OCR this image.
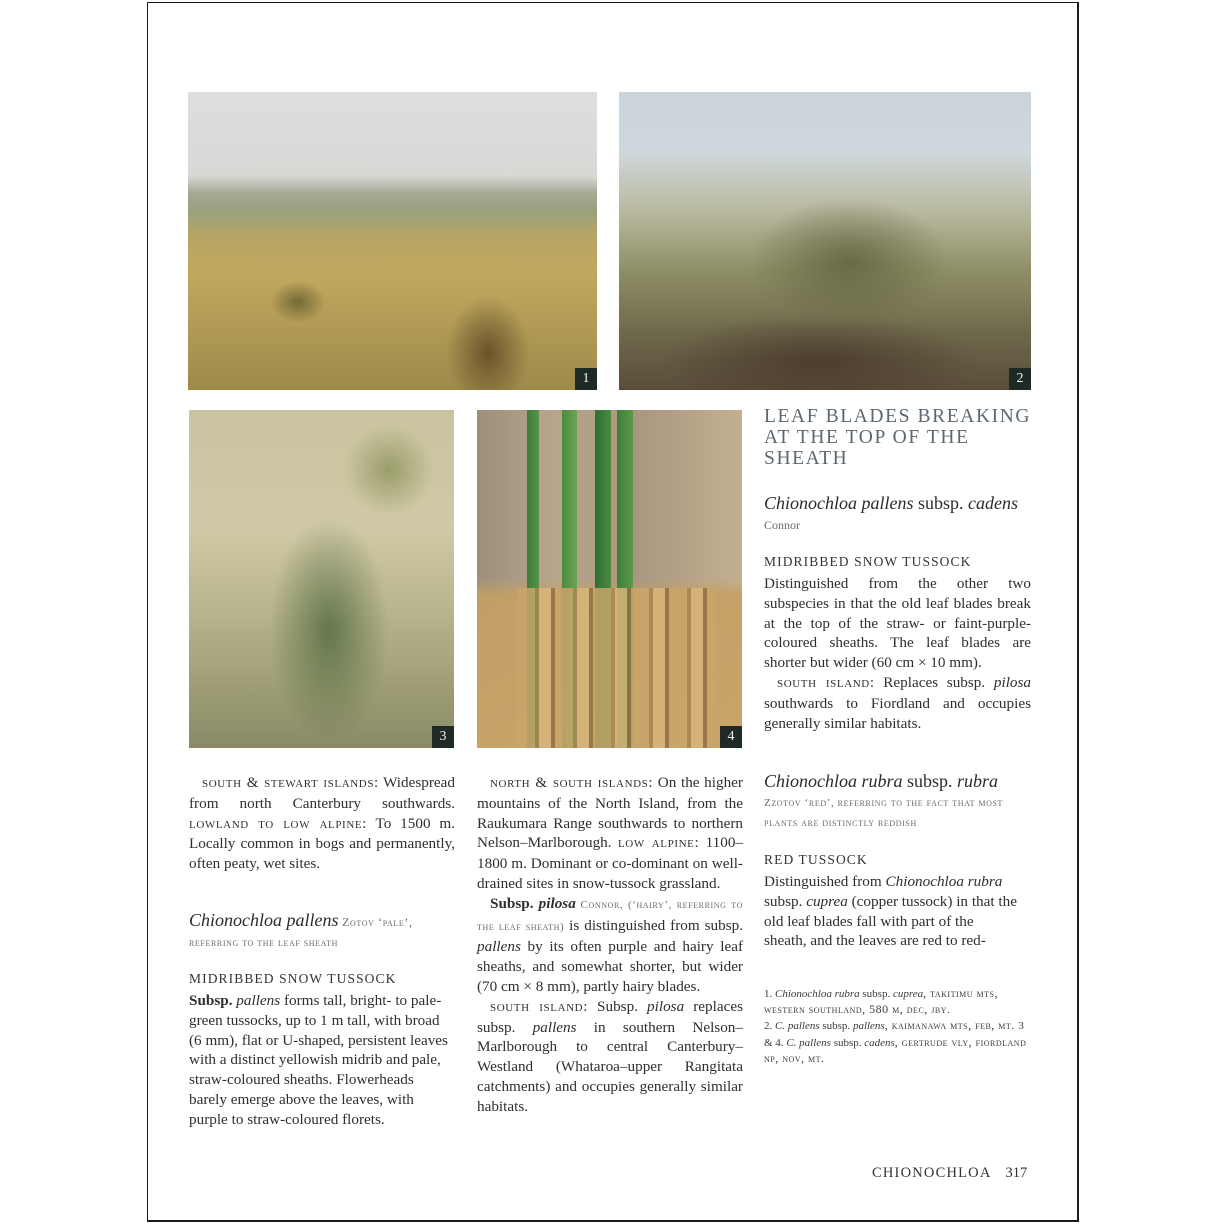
1	2
3	4
LEAF BLADES BREAKING AT THE TOP OF THE SHEATH
Chionochloa pallens subsp. cadens
Connor
MIDRIBBED SNOW TUSSOCK
Distinguished from the other two subspecies in that the old leaf blades break at the top of the straw- or faint-purple-coloured sheaths. The leaf blades are shorter but wider (60 cm × 10 mm).
south island: Replaces subsp. pilosa southwards to Fiordland and occupies generally similar habitats.
Chionochloa rubra subsp. rubra
Zzotov ‘red’, referring to the fact that most
plants are distinctly reddish
RED TUSSOCK
Distinguished from Chionochloa rubra subsp. cuprea (copper tussock) in that the old leaf blades fall with part of the sheath, and the leaves are red to red-
1. Chionochloa rubra subsp. cuprea, takitimu mts, western southland, 580 m, dec, jby.
2. C. pallens subsp. pallens, kaimanawa mts, feb, mt. 3 & 4. C. pallens subsp. cadens, gertrude vly, fiordland np, nov, mt.
south & stewart islands: Widespread from north Canterbury southwards. lowland to low alpine: To 1500 m. Locally common in bogs and permanently, often peaty, wet sites.
Chionochloa pallens Zotov ‘pale’,
referring to the leaf sheath
MIDRIBBED SNOW TUSSOCK
Subsp. pallens forms tall, bright- to pale-green tussocks, up to 1 m tall, with broad (6 mm), flat or U-shaped, persistent leaves with a distinct yellowish midrib and pale, straw-coloured sheaths. Flowerheads barely emerge above the leaves, with purple to straw-coloured florets.
north & south islands: On the higher mountains of the North Island, from the Raukumara Range southwards to northern Nelson–Marlborough. low alpine: 1100–1800 m. Dominant or co-dominant on well-drained sites in snow-tussock grassland.
Subsp. pilosa Connor, (‘hairy’, referring to the leaf sheath) is distinguished from subsp. pallens by its often purple and hairy leaf sheaths, and somewhat shorter, but wider (70 cm × 8 mm), partly hairy blades.
south island: Subsp. pilosa replaces subsp. pallens in southern Nelson–Marlborough to central Canterbury–Westland (Whataroa–upper Rangitata catchments) and occupies generally similar habitats.
CHIONOCHLOA 317
